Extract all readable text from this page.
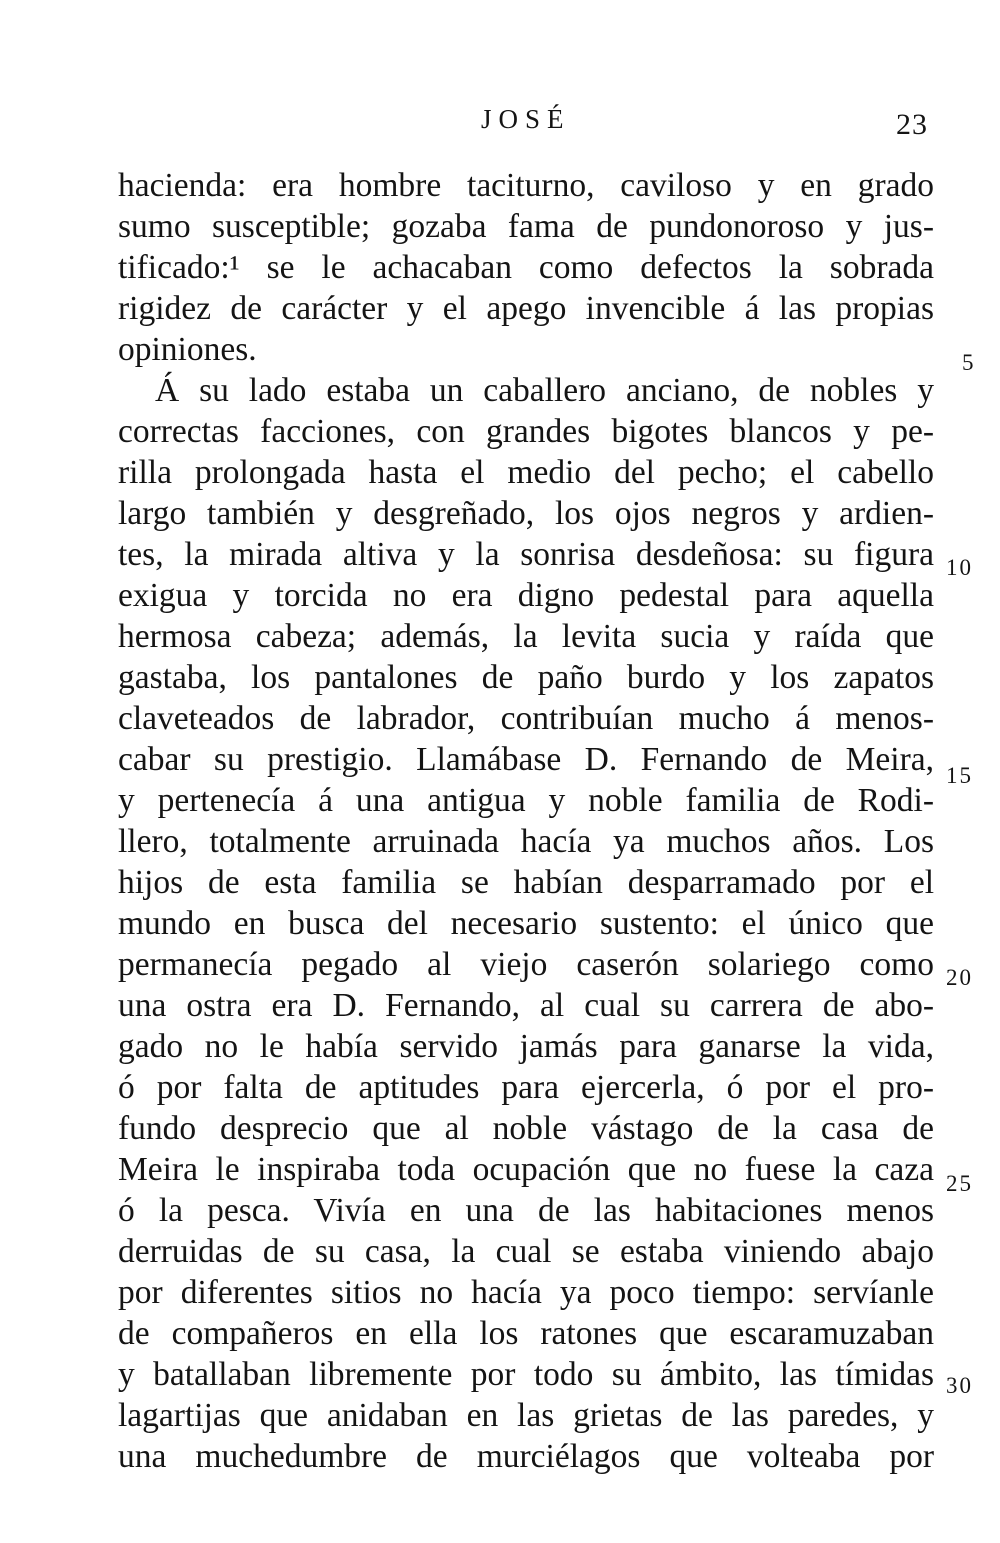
JOSÉ	23
hacienda: era hombre taciturno, caviloso y en grado
sumo susceptible; gozaba fama de pundonoroso y jus-
tificado:¹ se le achacaban como defectos la sobrada
rigidez de carácter y el apego invencible á las propias
opiniones.
Á su lado estaba un caballero anciano, de nobles y
correctas facciones, con grandes bigotes blancos y pe-
rilla prolongada hasta el medio del pecho; el cabello
largo también y desgreñado, los ojos negros y ardien-
tes, la mirada altiva y la sonrisa desdeñosa: su figura
exigua y torcida no era digno pedestal para aquella
hermosa cabeza; además, la levita sucia y raída que
gastaba, los pantalones de paño burdo y los zapatos
claveteados de labrador, contribuían mucho á menos-
cabar su prestigio. Llamábase D. Fernando de Meira,
y pertenecía á una antigua y noble familia de Rodi-
llero, totalmente arruinada hacía ya muchos años. Los
hijos de esta familia se habían desparramado por el
mundo en busca del necesario sustento: el único que
permanecía pegado al viejo caserón solariego como
una ostra era D. Fernando, al cual su carrera de abo-
gado no le había servido jamás para ganarse la vida,
ó por falta de aptitudes para ejercerla, ó por el pro-
fundo desprecio que al noble vástago de la casa de
Meira le inspiraba toda ocupación que no fuese la caza
ó la pesca. Vivía en una de las habitaciones menos
derruidas de su casa, la cual se estaba viniendo abajo
por diferentes sitios no hacía ya poco tiempo: servíanle
de compañeros en ella los ratones que escaramuzaban
y batallaban libremente por todo su ámbito, las tímidas
lagartijas que anidaban en las grietas de las paredes, y
una muchedumbre de murciélagos que volteaba por
5
10
15
20
25
30
